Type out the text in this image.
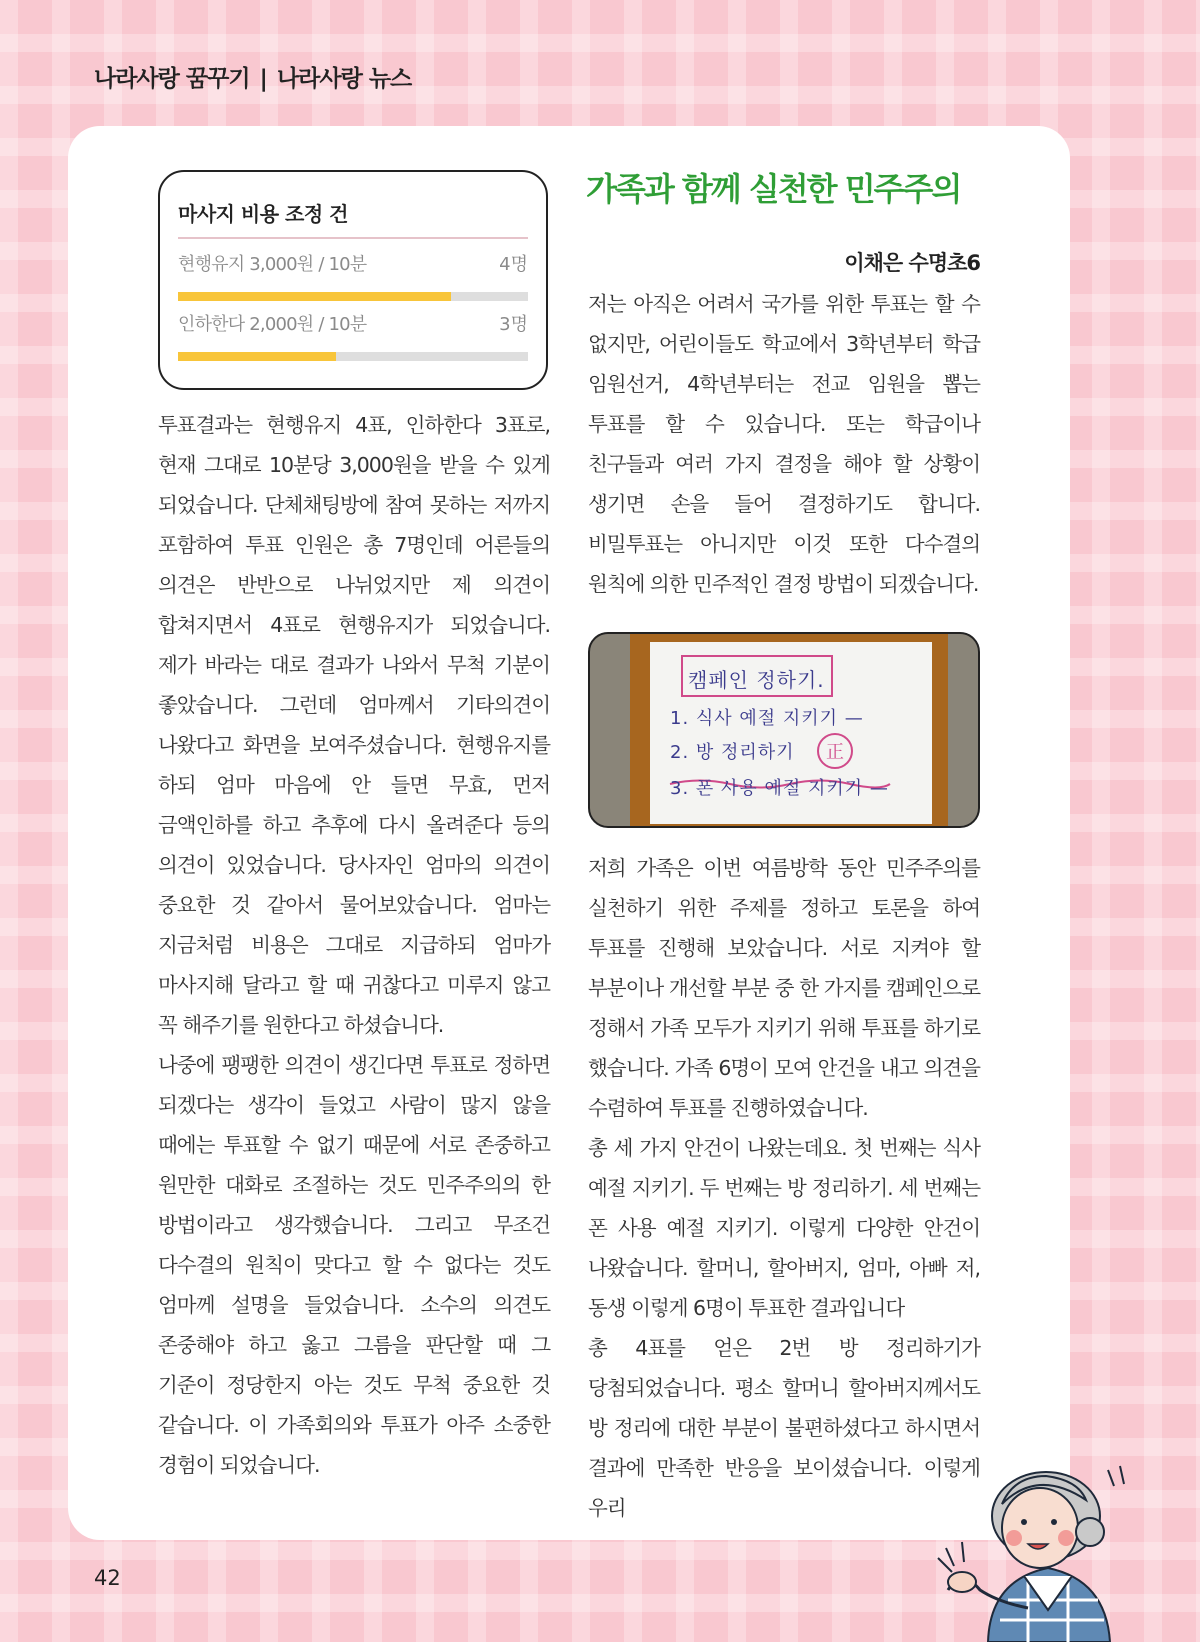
나라사랑 꿈꾸기 | 나라사랑 뉴스
마사지 비용 조정 건
현행유지 3,000원 / 10분	4명
인하한다 2,000원 / 10분	3명

투표결과는 현행유지 4표, 인하한다 3표로, 현재 그대로 10분당 3,000원을 받을 수 있게 되었습니다. 단체채팅방에 참여 못하는 저까지 포함하여 투표 인원은 총 7명인데 어른들의 의견은 반반으로 나뉘었지만 제 의견이 합쳐지면서 4표로 현행유지가 되었습니다. 제가 바라는 대로 결과가 나와서 무척 기분이 좋았습니다. 그런데 엄마께서 기타의견이 나왔다고 화면을 보여주셨습니다. 현행유지를 하되 엄마 마음에 안 들면 무효, 먼저 금액인하를 하고 추후에 다시 올려준다 등의 의견이 있었습니다. 당사자인 엄마의 의견이 중요한 것 같아서 물어보았습니다. 엄마는 지금처럼 비용은 그대로 지급하되 엄마가 마사지해 달라고 할 때 귀찮다고 미루지 않고 꼭 해주기를 원한다고 하셨습니다.

나중에 팽팽한 의견이 생긴다면 투표로 정하면 되겠다는 생각이 들었고 사람이 많지 않을 때에는 투표할 수 없기 때문에 서로 존중하고 원만한 대화로 조절하는 것도 민주주의의 한 방법이라고 생각했습니다. 그리고 무조건 다수결의 원칙이 맞다고 할 수 없다는 것도 엄마께 설명을 들었습니다. 소수의 의견도 존중해야 하고 옳고 그름을 판단할 때 그 기준이 정당한지 아는 것도 무척 중요한 것 같습니다. 이 가족회의와 투표가 아주 소중한 경험이 되었습니다.

가족과 함께 실천한 민주주의
이채은 수명초6

저는 아직은 어려서 국가를 위한 투표는 할 수 없지만, 어린이들도 학교에서 3학년부터 학급 임원선거, 4학년부터는 전교 임원을 뽑는 투표를 할 수 있습니다. 또는 학급이나 친구들과 여러 가지 결정을 해야 할 상황이 생기면 손을 들어 결정하기도 합니다. 비밀투표는 아니지만 이것 또한 다수결의 원칙에 의한 민주적인 결정 방법이 되겠습니다.

캠페인 정하기.
1. 식사 예절 지키기 —
2. 방 정리하기 正
3. 폰 사용 예절 지키기 —

저희 가족은 이번 여름방학 동안 민주주의를 실천하기 위한 주제를 정하고 토론을 하여 투표를 진행해 보았습니다. 서로 지켜야 할 부분이나 개선할 부분 중 한 가지를 캠페인으로 정해서 가족 모두가 지키기 위해 투표를 하기로 했습니다. 가족 6명이 모여 안건을 내고 의견을 수렴하여 투표를 진행하였습니다.

총 세 가지 안건이 나왔는데요. 첫 번째는 식사 예절 지키기. 두 번째는 방 정리하기. 세 번째는 폰 사용 예절 지키기. 이렇게 다양한 안건이 나왔습니다. 할머니, 할아버지, 엄마, 아빠 저, 동생 이렇게 6명이 투표한 결과입니다

총 4표를 얻은 2번 방 정리하기가 당첨되었습니다. 평소 할머니 할아버지께서도 방 정리에 대한 부분이 불편하셨다고 하시면서 결과에 만족한 반응을 보이셨습니다. 이렇게 우리

42
